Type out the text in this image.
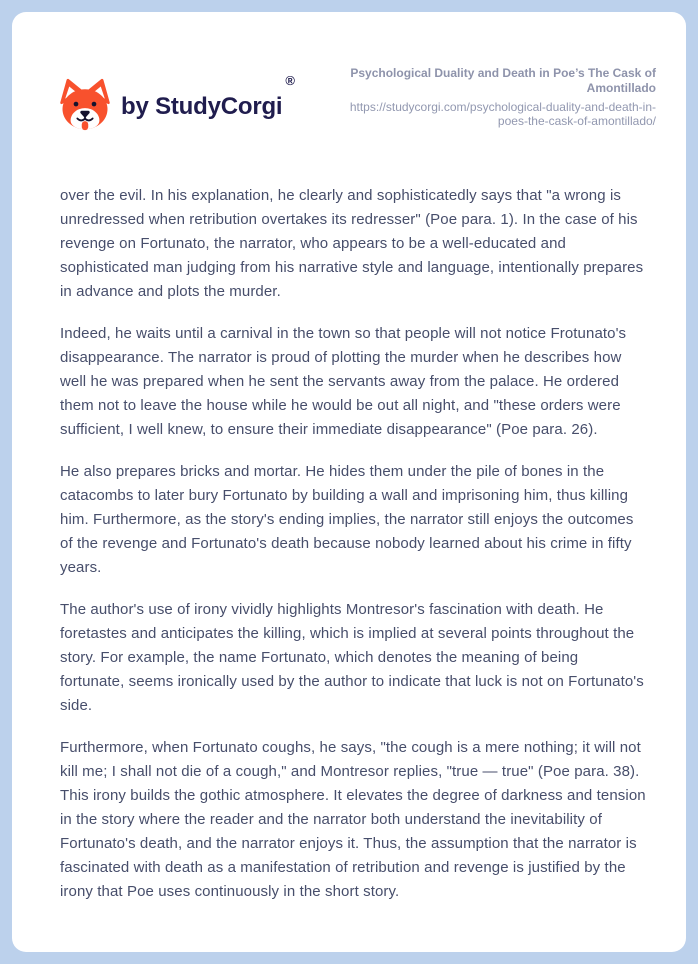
by StudyCorgi
®	Psychological Duality and Death in Poe’s The Cask of Amontillado
https://studycorgi.com/psychological-duality-and-death-in-poes-the-cask-of-amontillado/

over the evil. In his explanation, he clearly and sophisticatedly says that "a wrong is unredressed when retribution overtakes its redresser" (Poe para. 1). In the case of his revenge on Fortunato, the narrator, who appears to be a well-educated and sophisticated man judging from his narrative style and language, intentionally prepares in advance and plots the murder.

Indeed, he waits until a carnival in the town so that people will not notice Frotunato's disappearance. The narrator is proud of plotting the murder when he describes how well he was prepared when he sent the servants away from the palace. He ordered them not to leave the house while he would be out all night, and "these orders were sufficient, I well knew, to ensure their immediate disappearance" (Poe para. 26).

He also prepares bricks and mortar. He hides them under the pile of bones in the catacombs to later bury Fortunato by building a wall and imprisoning him, thus killing him. Furthermore, as the story's ending implies, the narrator still enjoys the outcomes of the revenge and Fortunato's death because nobody learned about his crime in fifty years.

The author's use of irony vividly highlights Montresor's fascination with death. He foretastes and anticipates the killing, which is implied at several points throughout the story. For example, the name Fortunato, which denotes the meaning of being fortunate, seems ironically used by the author to indicate that luck is not on Fortunato's side.

Furthermore, when Fortunato coughs, he says, "the cough is a mere nothing; it will not kill me; I shall not die of a cough," and Montresor replies, "true — true" (Poe para. 38). This irony builds the gothic atmosphere. It elevates the degree of darkness and tension in the story where the reader and the narrator both understand the inevitability of Fortunato's death, and the narrator enjoys it. Thus, the assumption that the narrator is fascinated with death as a manifestation of retribution and revenge is justified by the irony that Poe uses continuously in the short story.
